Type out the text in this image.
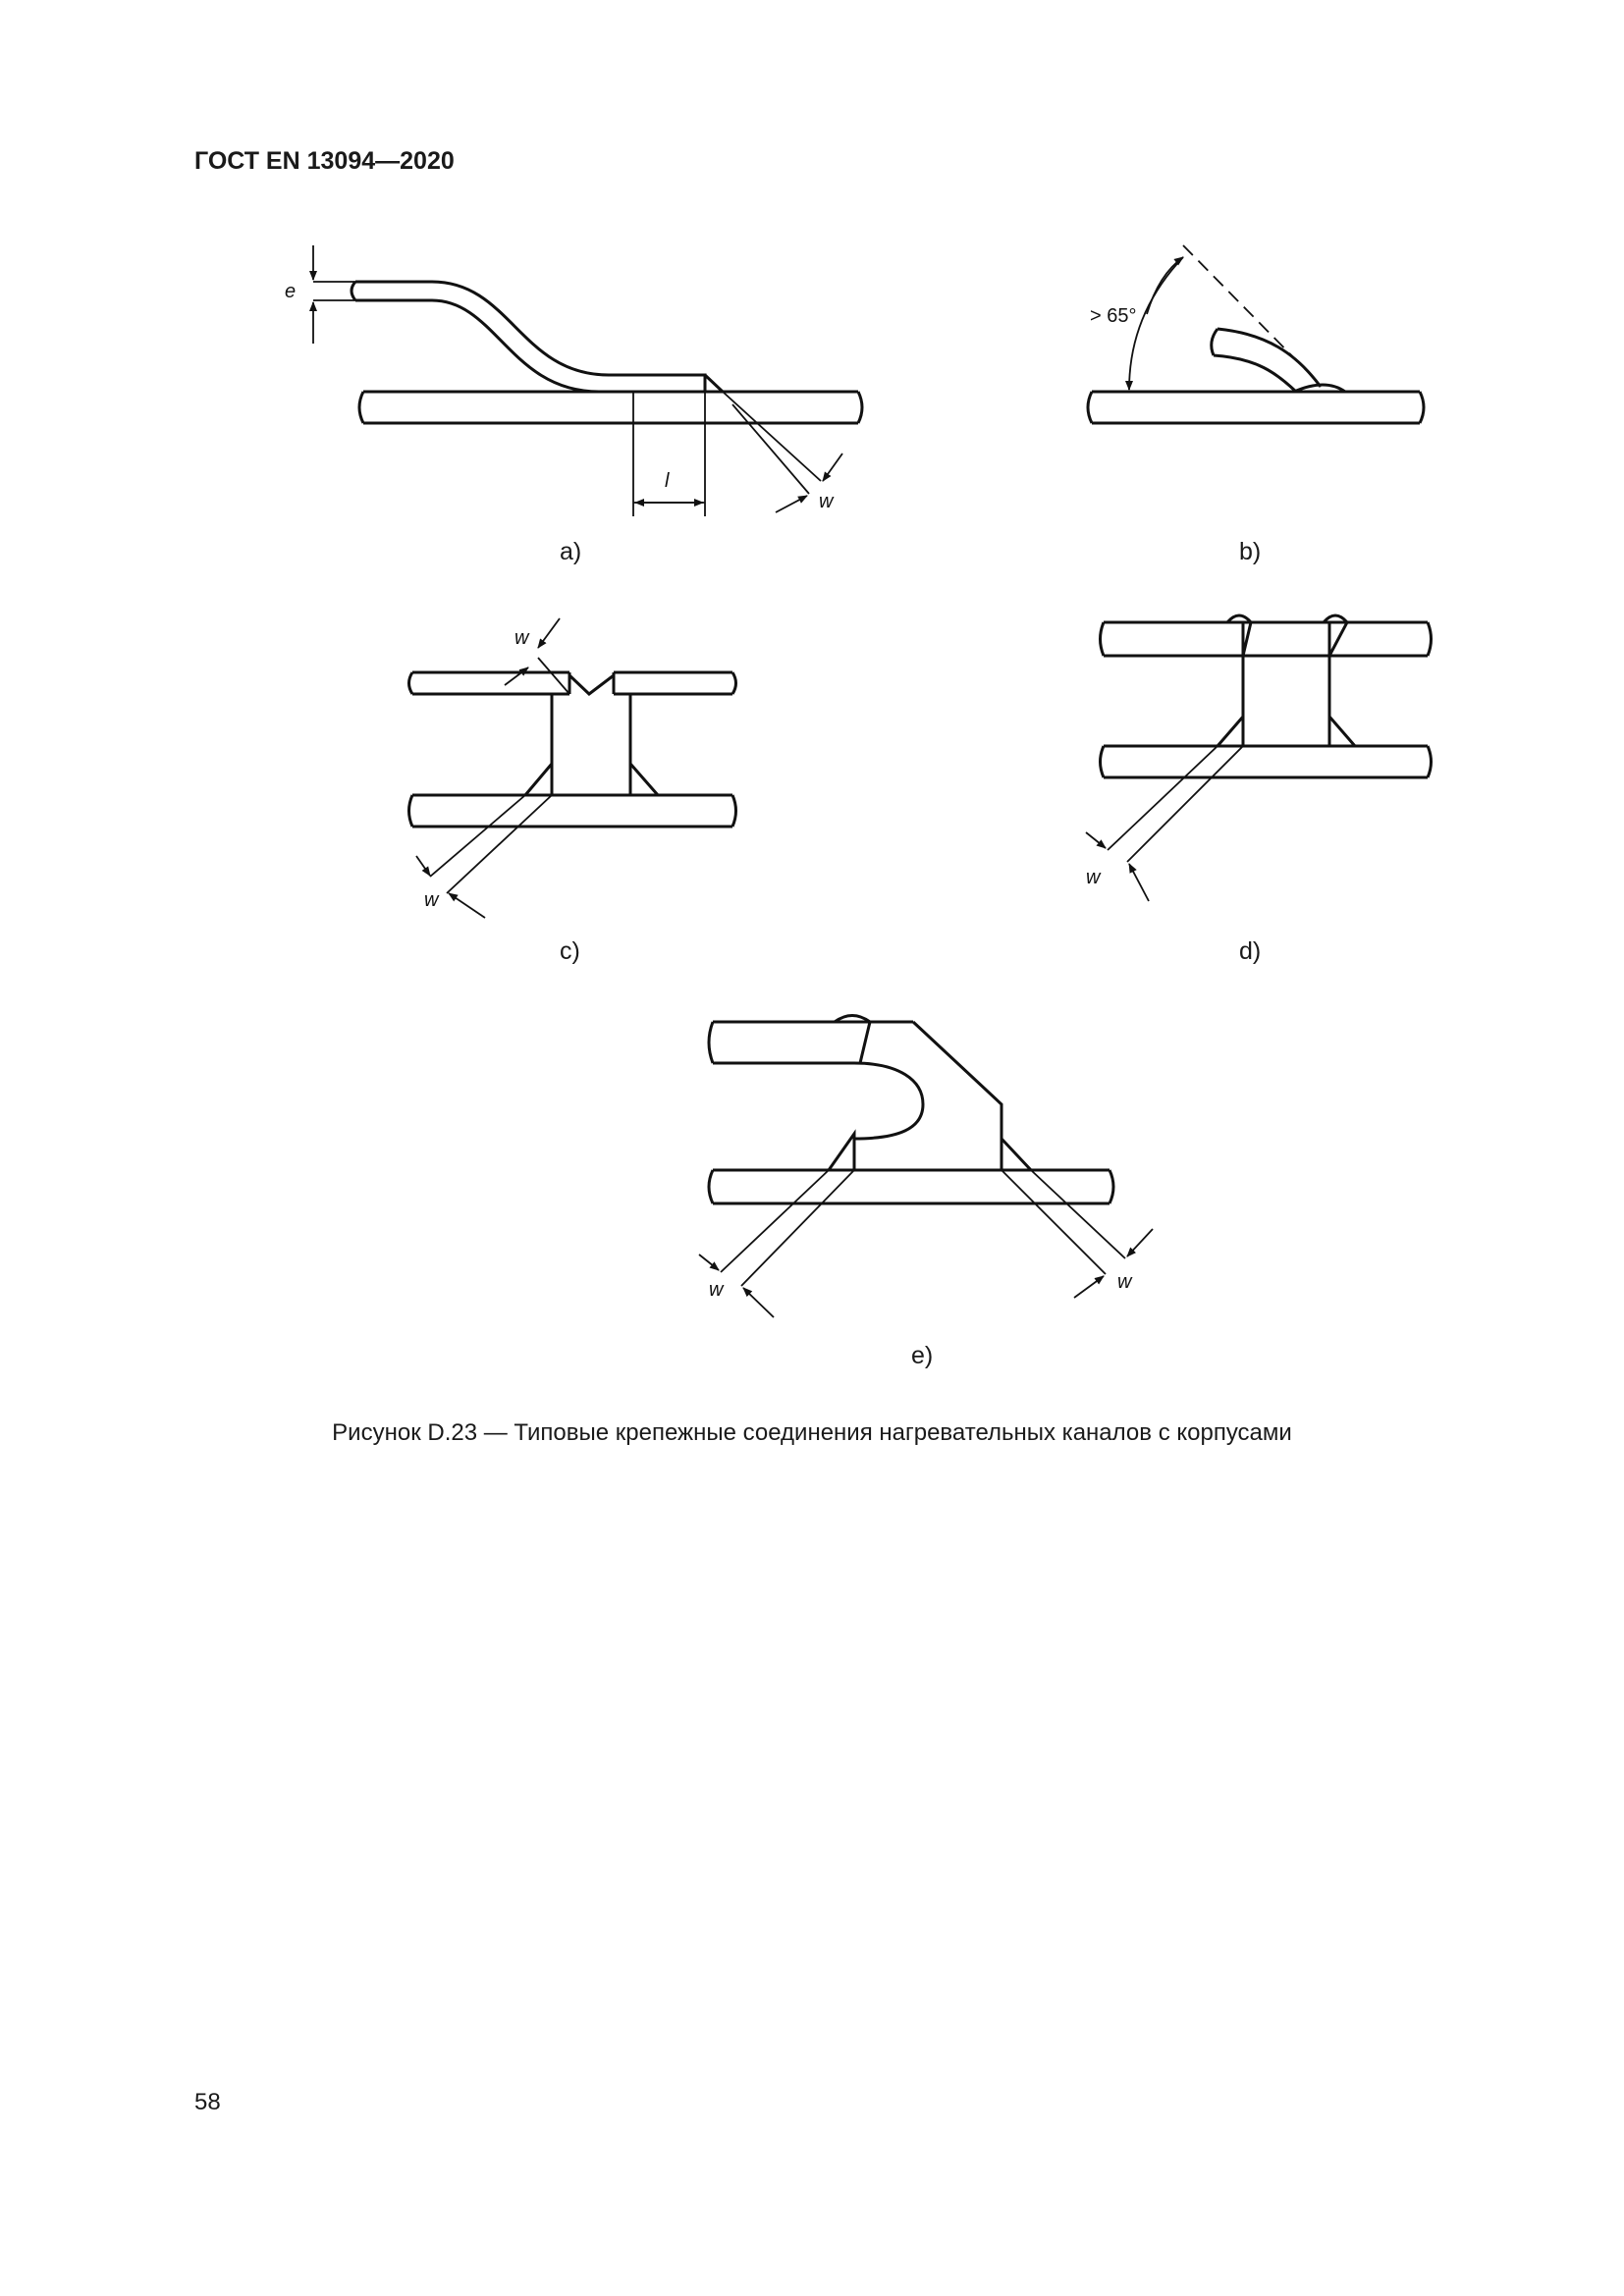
ГОСТ EN 13094—2020
e
l
w
> 65°
w
w
w
w	w
a)	b)
c)	d)
e)
Рисунок D.23 — Типовые крепежные соединения нагревательных каналов с корпусами
58
